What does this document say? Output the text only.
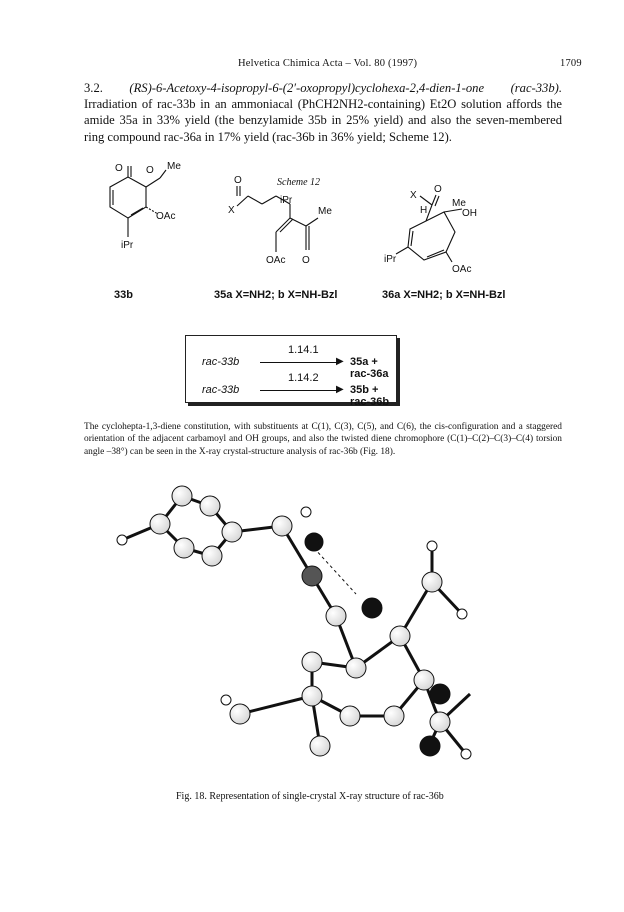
Helvetica Chimica Acta – Vol. 80 (1997)	1709
3.2. (RS)-6-Acetoxy-4-isopropyl-6-(2′-oxopropyl)cyclohexa-2,4-dien-1-one (rac-33b). Irradiation of rac-33b in an ammoniacal (PhCH2NH2-containing) Et2O solution affords the amide 35a in 33% yield (the benzylamide 35b in 25% yield) and also the seven-membered ring compound rac-36a in 17% yield (rac-36b in 36% yield; Scheme 12).
Scheme 12
O O Me
OAc
iPr
O
X
iPr
Me
OAc O
X
O
H
Me
OH
iPr
OAc
33b	35a X=NH2; b X=NH-Bzl	36a X=NH2; b X=NH-Bzl
1.14.1
rac-33b	▶ 35a + rac-36a
1.14.2
rac-33b	▶ 35b + rac-36b
The cyclohepta-1,3-diene constitution, with substituents at C(1), C(3), C(5), and C(6), the cis-configuration and a staggered orientation of the adjacent carbamoyl and OH groups, and also the twisted diene chromophore (C(1)–C(2)–C(3)–C(4) torsion angle –38°) can be seen in the X-ray crystal-structure analysis of rac-36b (Fig. 18).
Fig. 18. Representation of single-crystal X-ray structure of rac-36b
